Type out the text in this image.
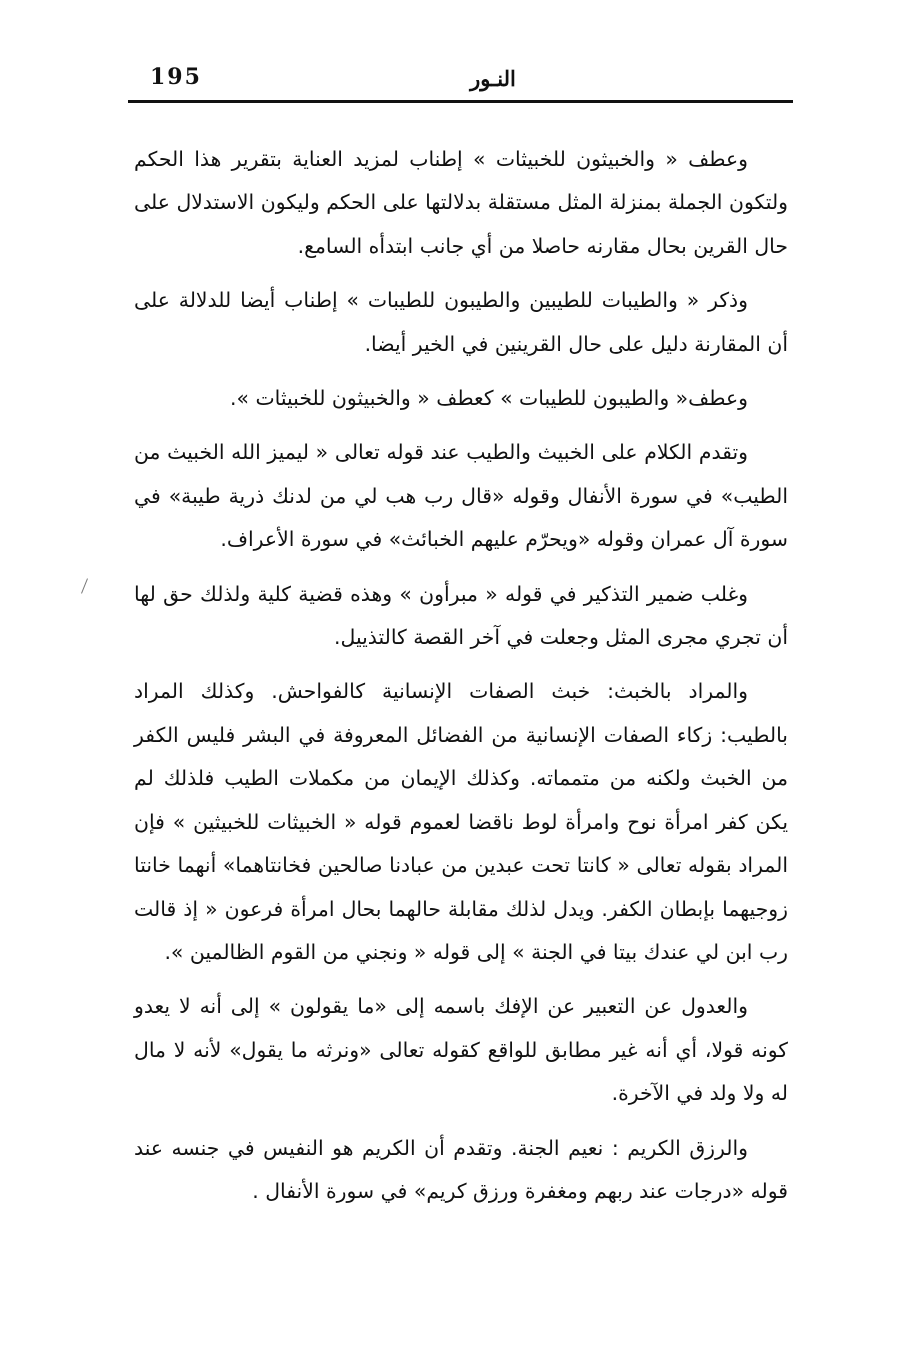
195	النـور

وعطف « والخبيثون للخبيثات » إطناب لمزيد العناية بتقرير هذا الحكم ولتكون الجملة بمنزلة المثل مستقلة بدلالتها على الحكم وليكون الاستدلال على حال القرين بحال مقارنه حاصلا من أي جانب ابتدأه السامع.

وذكر « والطيبات للطيبين والطيبون للطيبات » إطناب أيضا للدلالة على أن المقارنة دليل على حال القرينين في الخير أيضا.

وعطف« والطيبون للطيبات » كعطف « والخبيثون للخبيثات ».

وتقدم الكلام على الخبيث والطيب عند قوله تعالى « ليميز الله الخبيث من الطيب» في سورة الأنفال وقوله «قال رب هب لي من لدنك ذرية طيبة» في سورة آل عمران وقوله «ويحرّم عليهم الخبائث» في سورة الأعراف.

وغلب ضمير التذكير في قوله « مبرأون » وهذه قضية كلية ولذلك حق لها أن تجري مجرى المثل وجعلت في آخر القصة كالتذييل.

والمراد بالخبث: خبث الصفات الإنسانية كالفواحش. وكذلك المراد بالطيب: زكاء الصفات الإنسانية من الفضائل المعروفة في البشر فليس الكفر من الخبث ولكنه من متمماته. وكذلك الإيمان من مكملات الطيب فلذلك لم يكن كفر امرأة نوح وامرأة لوط ناقضا لعموم قوله « الخبيثات للخبيثين » فإن المراد بقوله تعالى « كانتا تحت عبدين من عبادنا صالحين فخانتاهما» أنهما خانتا زوجيهما بإبطان الكفر. ويدل لذلك مقابلة حالهما بحال امرأة فرعون « إذ قالت رب ابن لي عندك بيتا في الجنة » إلى قوله « ونجني من القوم الظالمين ».

والعدول عن التعبير عن الإفك باسمه إلى «ما يقولون » إلى أنه لا يعدو كونه قولا، أي أنه غير مطابق للواقع كقوله تعالى «ونرثه ما يقول» لأنه لا مال له ولا ولد في الآخرة.

والرزق الكريم : نعيم الجنة. وتقدم أن الكريم هو النفيس في جنسه عند قوله «درجات عند ربهم ومغفرة ورزق كريم» في سورة الأنفال .
